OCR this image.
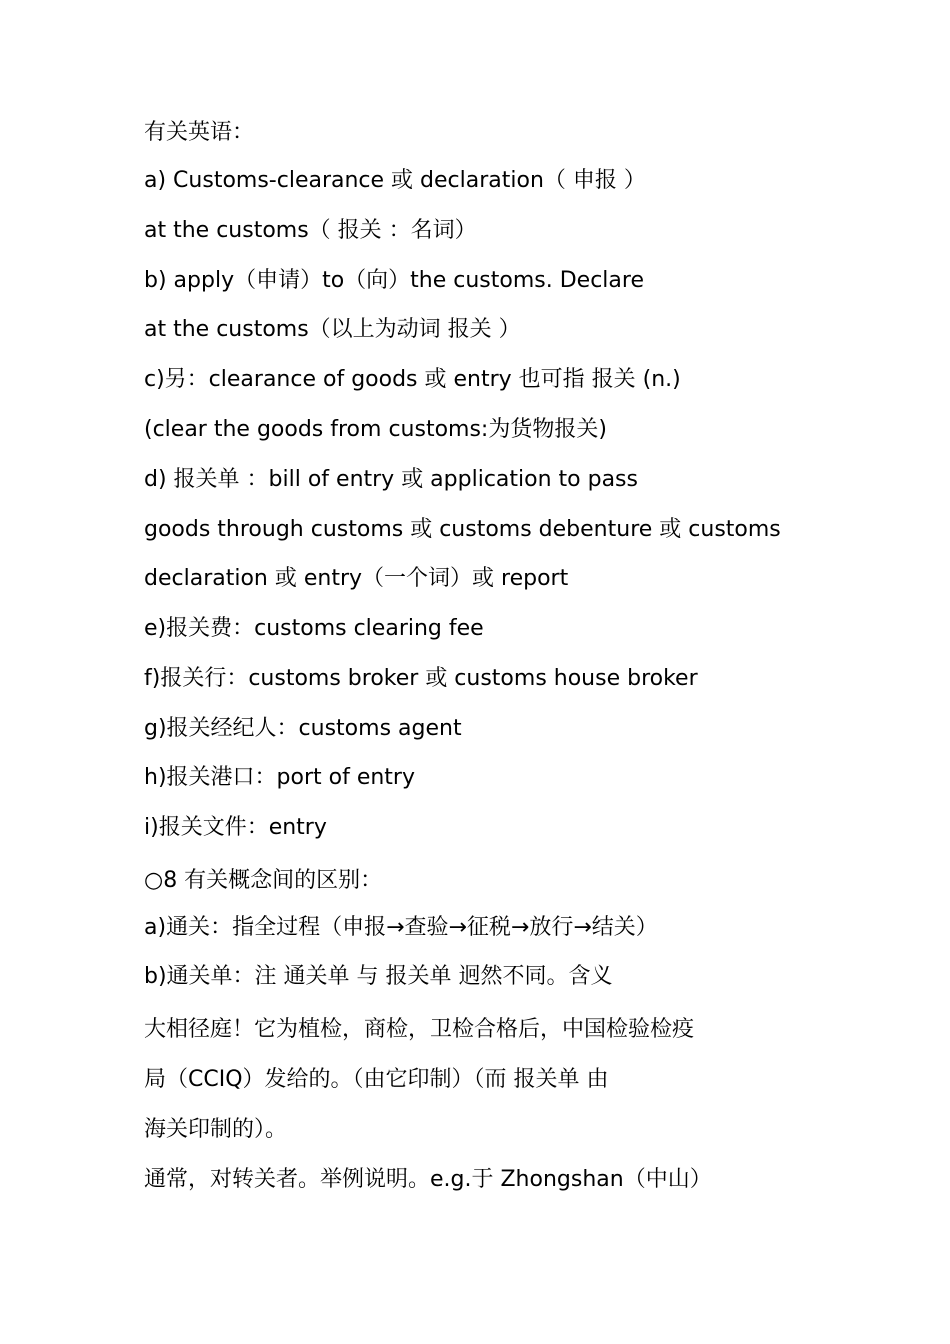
有关英语：
a) Customs-clearance 或 declaration（ 申报 ）
at the customs（ 报关 ：名词）
b) apply（申请）to（向）the customs. Declare
at the customs（以上为动词 报关 ）
c)另：clearance of goods 或 entry 也可指 报关 (n.)
(clear the goods from customs:为货物报关)
d) 报关单 ：bill of entry 或 application to pass
goods through customs 或 customs debenture 或 customs
declaration 或 entry（一个词）或 report
e)报关费：customs clearing fee
f)报关行：customs broker 或 customs house broker
g)报关经纪人：customs agent
h)报关港口：port of entry
i)报关文件：entry
○8 有关概念间的区别：
a)通关：指全过程（申报→查验→征税→放行→结关）
b)通关单：注 通关单 与 报关单 迥然不同。含义
大相径庭！它为植检，商检，卫检合格后，中国检验检疫
局（CCIQ）发给的。（由它印制）（而 报关单 由
海关印制的）。
通常，对转关者。举例说明。e.g.于 Zhongshan（中山）
